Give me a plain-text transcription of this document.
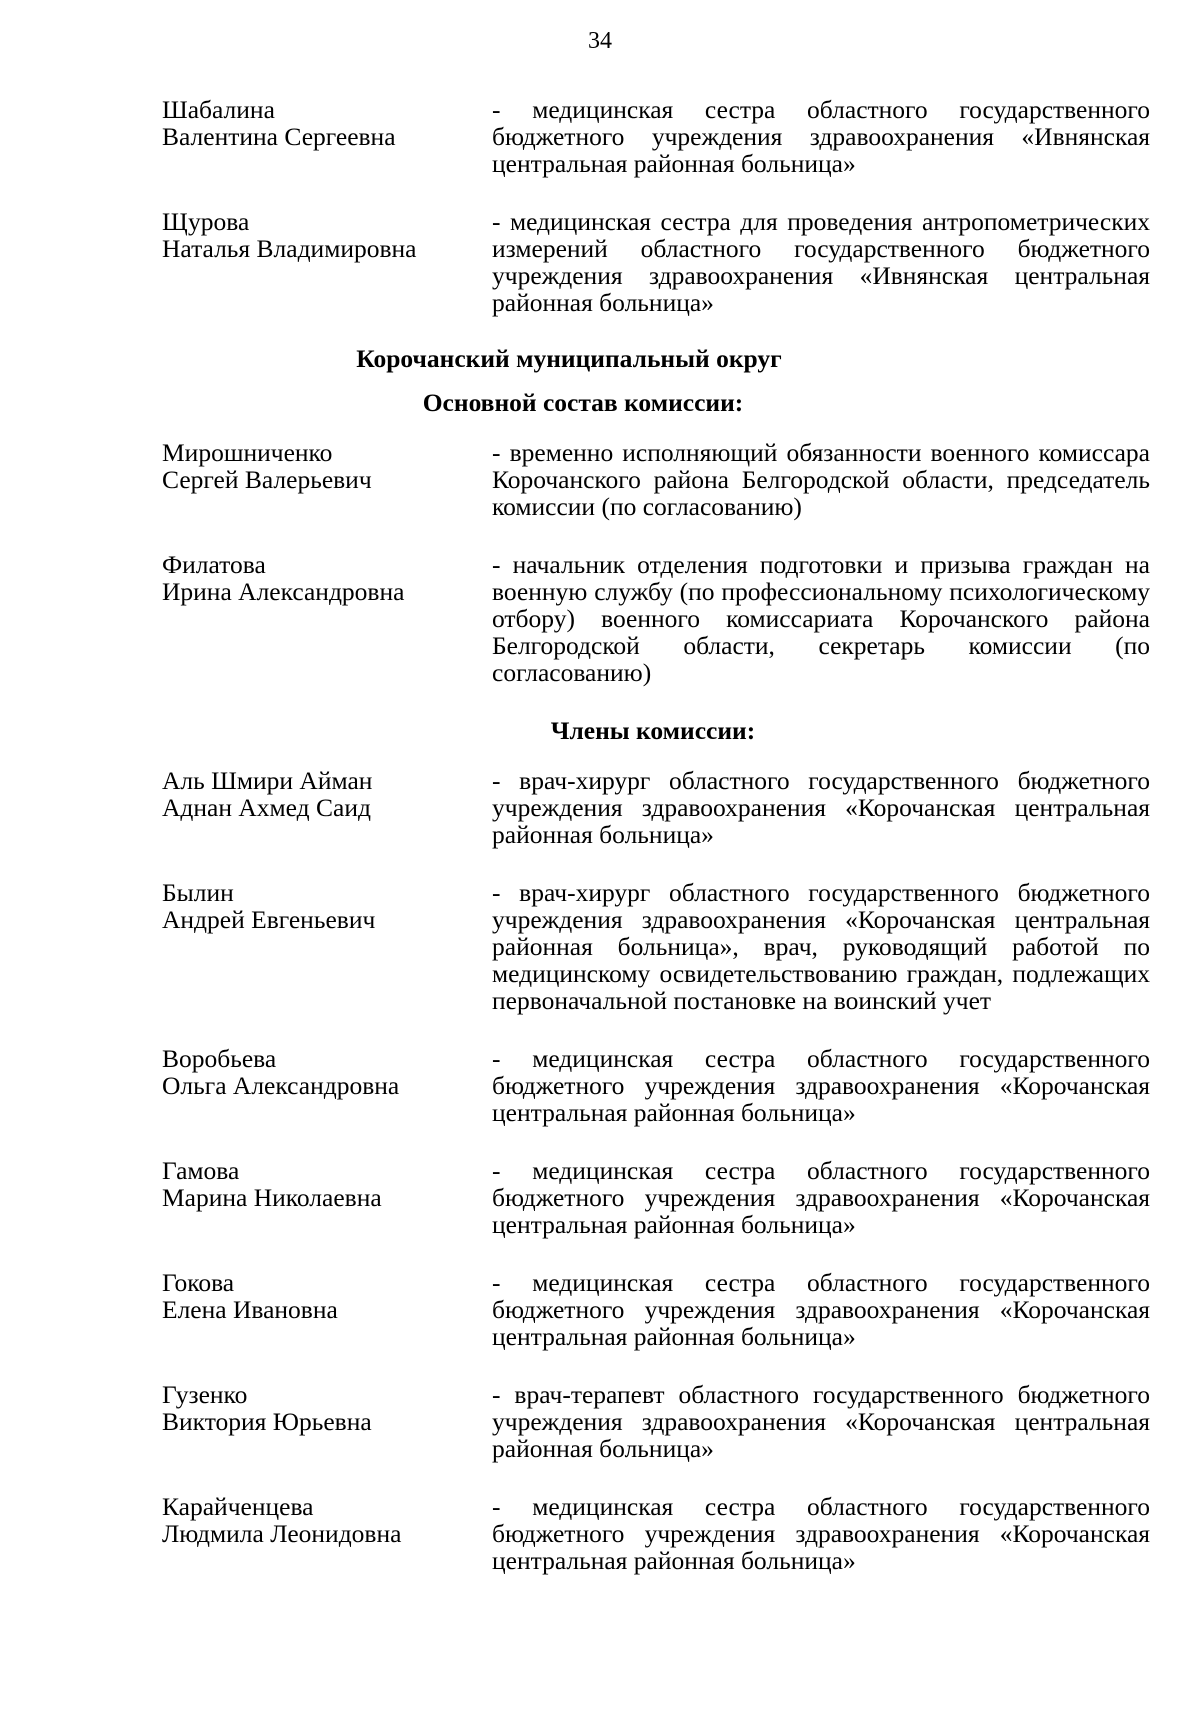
34
Шабалина
Валентина Сергеевна
- медицинская сестра областного государственного бюджетного учреждения здравоохранения «Ивнянская центральная районная больница»
Щурова
Наталья Владимировна
- медицинская сестра для проведения антропометрических измерений областного государственного бюджетного учреждения здравоохранения «Ивнянская центральная районная больница»
Корочанский муниципальный округ
Основной состав комиссии:
Мирошниченко
Сергей Валерьевич
- временно исполняющий обязанности военного комиссара Корочанского района Белгородской области, председатель комиссии (по согласованию)
Филатова
Ирина Александровна
- начальник отделения подготовки и призыва граждан на военную службу (по профессиональному психологическому отбору) военного комиссариата Корочанского района Белгородской области, секретарь комиссии (по согласованию)
Члены комиссии:
Аль Шмири Айман
Аднан Ахмед Саид
- врач-хирург областного государственного бюджетного учреждения здравоохранения «Корочанская центральная районная больница»
Былин
Андрей Евгеньевич
- врач-хирург областного государственного бюджетного учреждения здравоохранения «Корочанская центральная районная больница», врач, руководящий работой по медицинскому освидетельствованию граждан, подлежащих первоначальной постановке на воинский учет
Воробьева
Ольга Александровна
- медицинская сестра областного государственного бюджетного учреждения здравоохранения «Корочанская центральная районная больница»
Гамова
Марина Николаевна
- медицинская сестра областного государственного бюджетного учреждения здравоохранения «Корочанская центральная районная больница»
Гокова
Елена Ивановна
- медицинская сестра областного государственного бюджетного учреждения здравоохранения «Корочанская центральная районная больница»
Гузенко
Виктория Юрьевна
- врач-терапевт областного государственного бюджетного учреждения здравоохранения «Корочанская центральная районная больница»
Карайченцева
Людмила Леонидовна
- медицинская сестра областного государственного бюджетного учреждения здравоохранения «Корочанская центральная районная больница»
